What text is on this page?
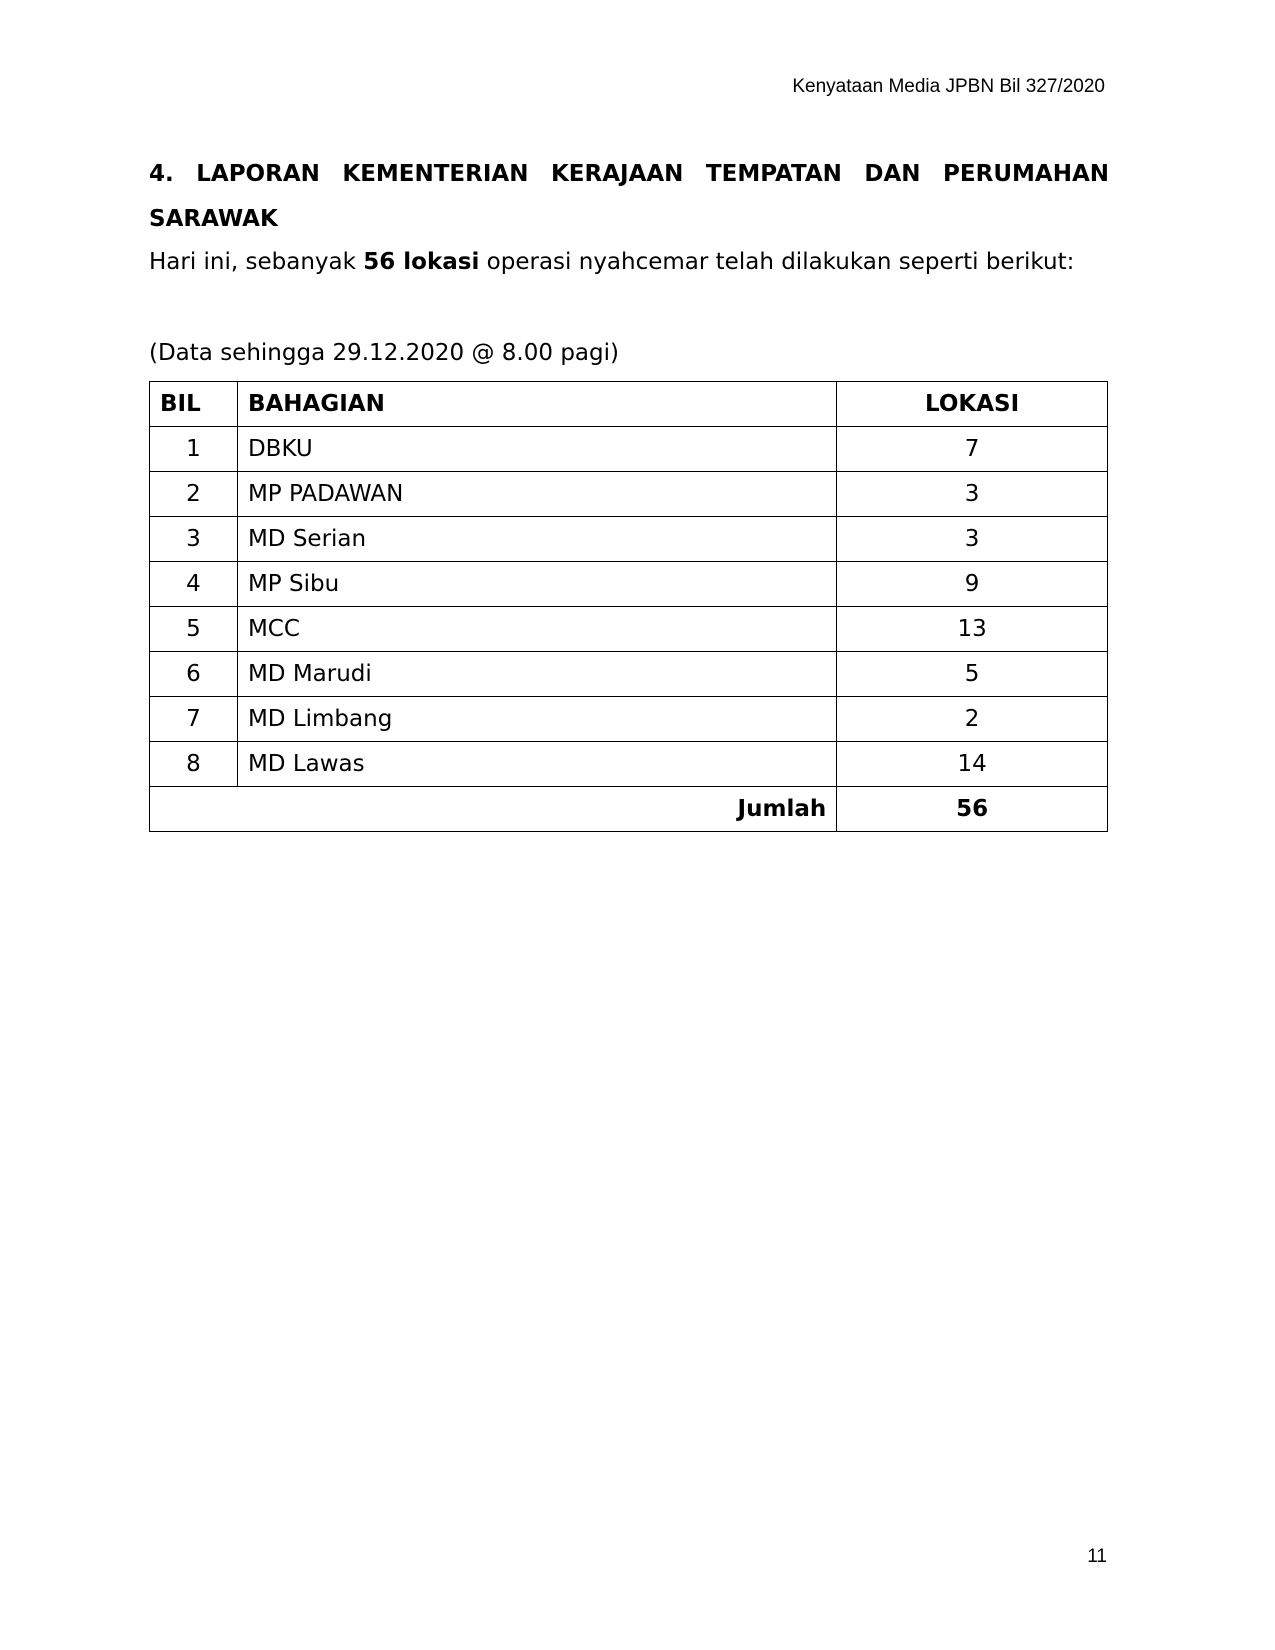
Kenyataan Media JPBN Bil 327/2020
4. LAPORAN KEMENTERIAN KERAJAAN TEMPATAN DAN PERUMAHAN
SARAWAK
Hari ini, sebanyak 56 lokasi operasi nyahcemar telah dilakukan seperti berikut:
(Data sehingga 29.12.2020 @ 8.00 pagi)
BIL	BAHAGIAN	LOKASI
1	DBKU	7
2	MP PADAWAN	3
3	MD Serian	3
4	MP Sibu	9
5	MCC	13
6	MD Marudi	5
7	MD Limbang	2
8	MD Lawas	14
Jumlah		56
11
